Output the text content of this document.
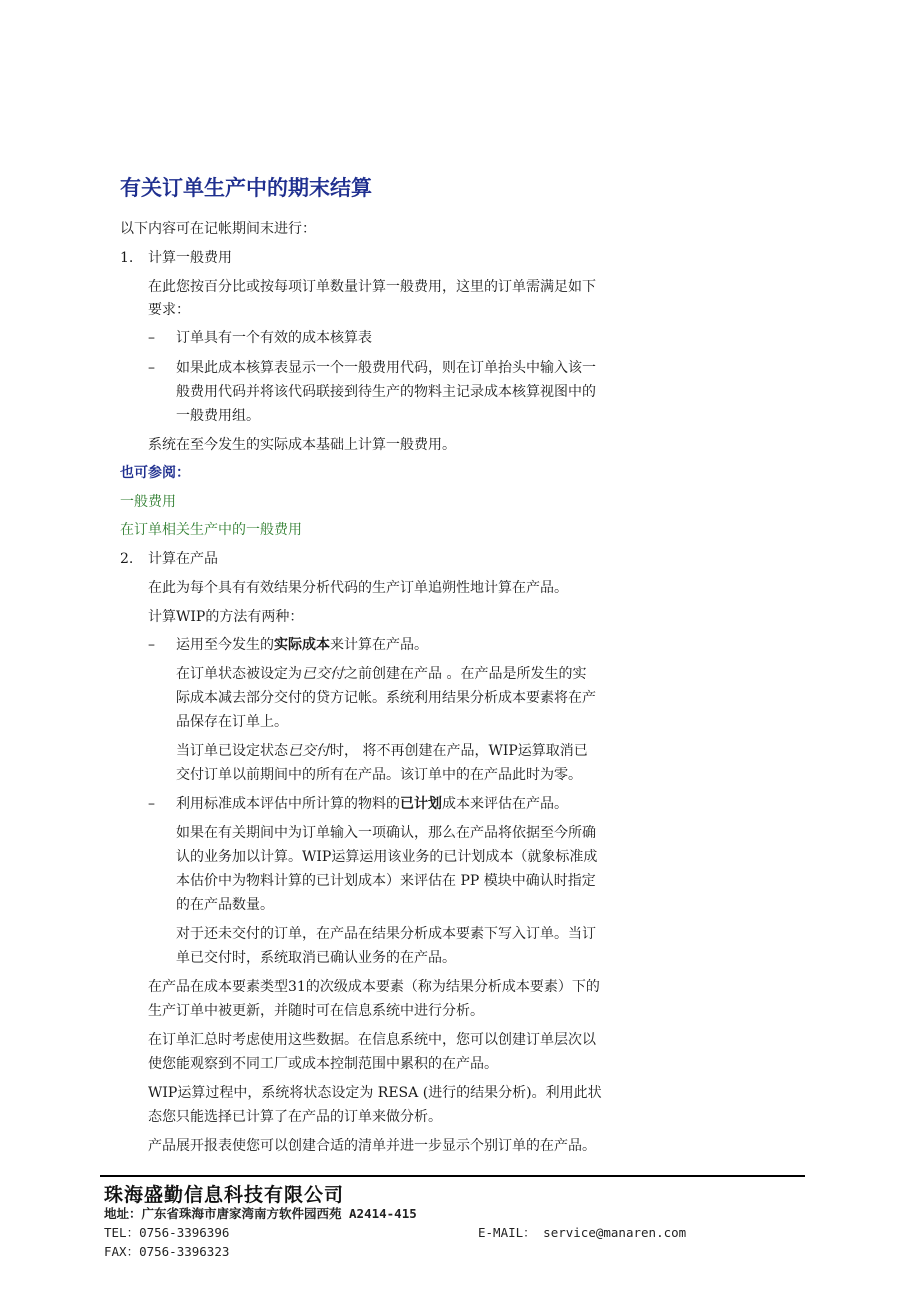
有关订单生产中的期末结算
以下内容可在记帐期间末进行：
1. 计算一般费用
在此您按百分比或按每项订单数量计算一般费用，这里的订单需满足如下
要求：
– 订单具有一个有效的成本核算表
– 如果此成本核算表显示一个一般费用代码，则在订单抬头中输入该一
般费用代码并将该代码联接到待生产的物料主记录成本核算视图中的
一般费用组。
系统在至今发生的实际成本基础上计算一般费用。
也可参阅：
一般费用
在订单相关生产中的一般费用
2. 计算在产品
在此为每个具有有效结果分析代码的生产订单追朔性地计算在产品。
计算WIP的方法有两种：
– 运用至今发生的实际成本来计算在产品。
在订单状态被设定为已交付之前创建在产品 。在产品是所发生的实
际成本减去部分交付的贷方记帐。系统利用结果分析成本要素将在产
品保存在订单上。
当订单已设定状态已交付时， 将不再创建在产品，WIP运算取消已
交付订单以前期间中的所有在产品。该订单中的在产品此时为零。
– 利用标准成本评估中所计算的物料的已计划成本来评估在产品。
如果在有关期间中为订单输入一项确认，那么在产品将依据至今所确
认的业务加以计算。WIP运算运用该业务的已计划成本（就象标准成
本估价中为物料计算的已计划成本）来评估在 PP 模块中确认时指定
的在产品数量。
对于还未交付的订单，在产品在结果分析成本要素下写入订单。当订
单已交付时，系统取消已确认业务的在产品。
在产品在成本要素类型31的次级成本要素（称为结果分析成本要素）下的
生产订单中被更新，并随时可在信息系统中进行分析。
在订单汇总时考虑使用这些数据。在信息系统中，您可以创建订单层次以
使您能观察到不同工厂或成本控制范围中累积的在产品。
WIP运算过程中，系统将状态设定为 RESA (进行的结果分析)。利用此状
态您只能选择已计算了在产品的订单来做分析。
产品展开报表使您可以创建合适的清单并进一步显示个别订单的在产品。
珠海盛勤信息科技有限公司
地址：广东省珠海市唐家湾南方软件园西苑 A2414-415
TEL：0756-3396396	E-MAIL： service@manaren.com
FAX：0756-3396323
